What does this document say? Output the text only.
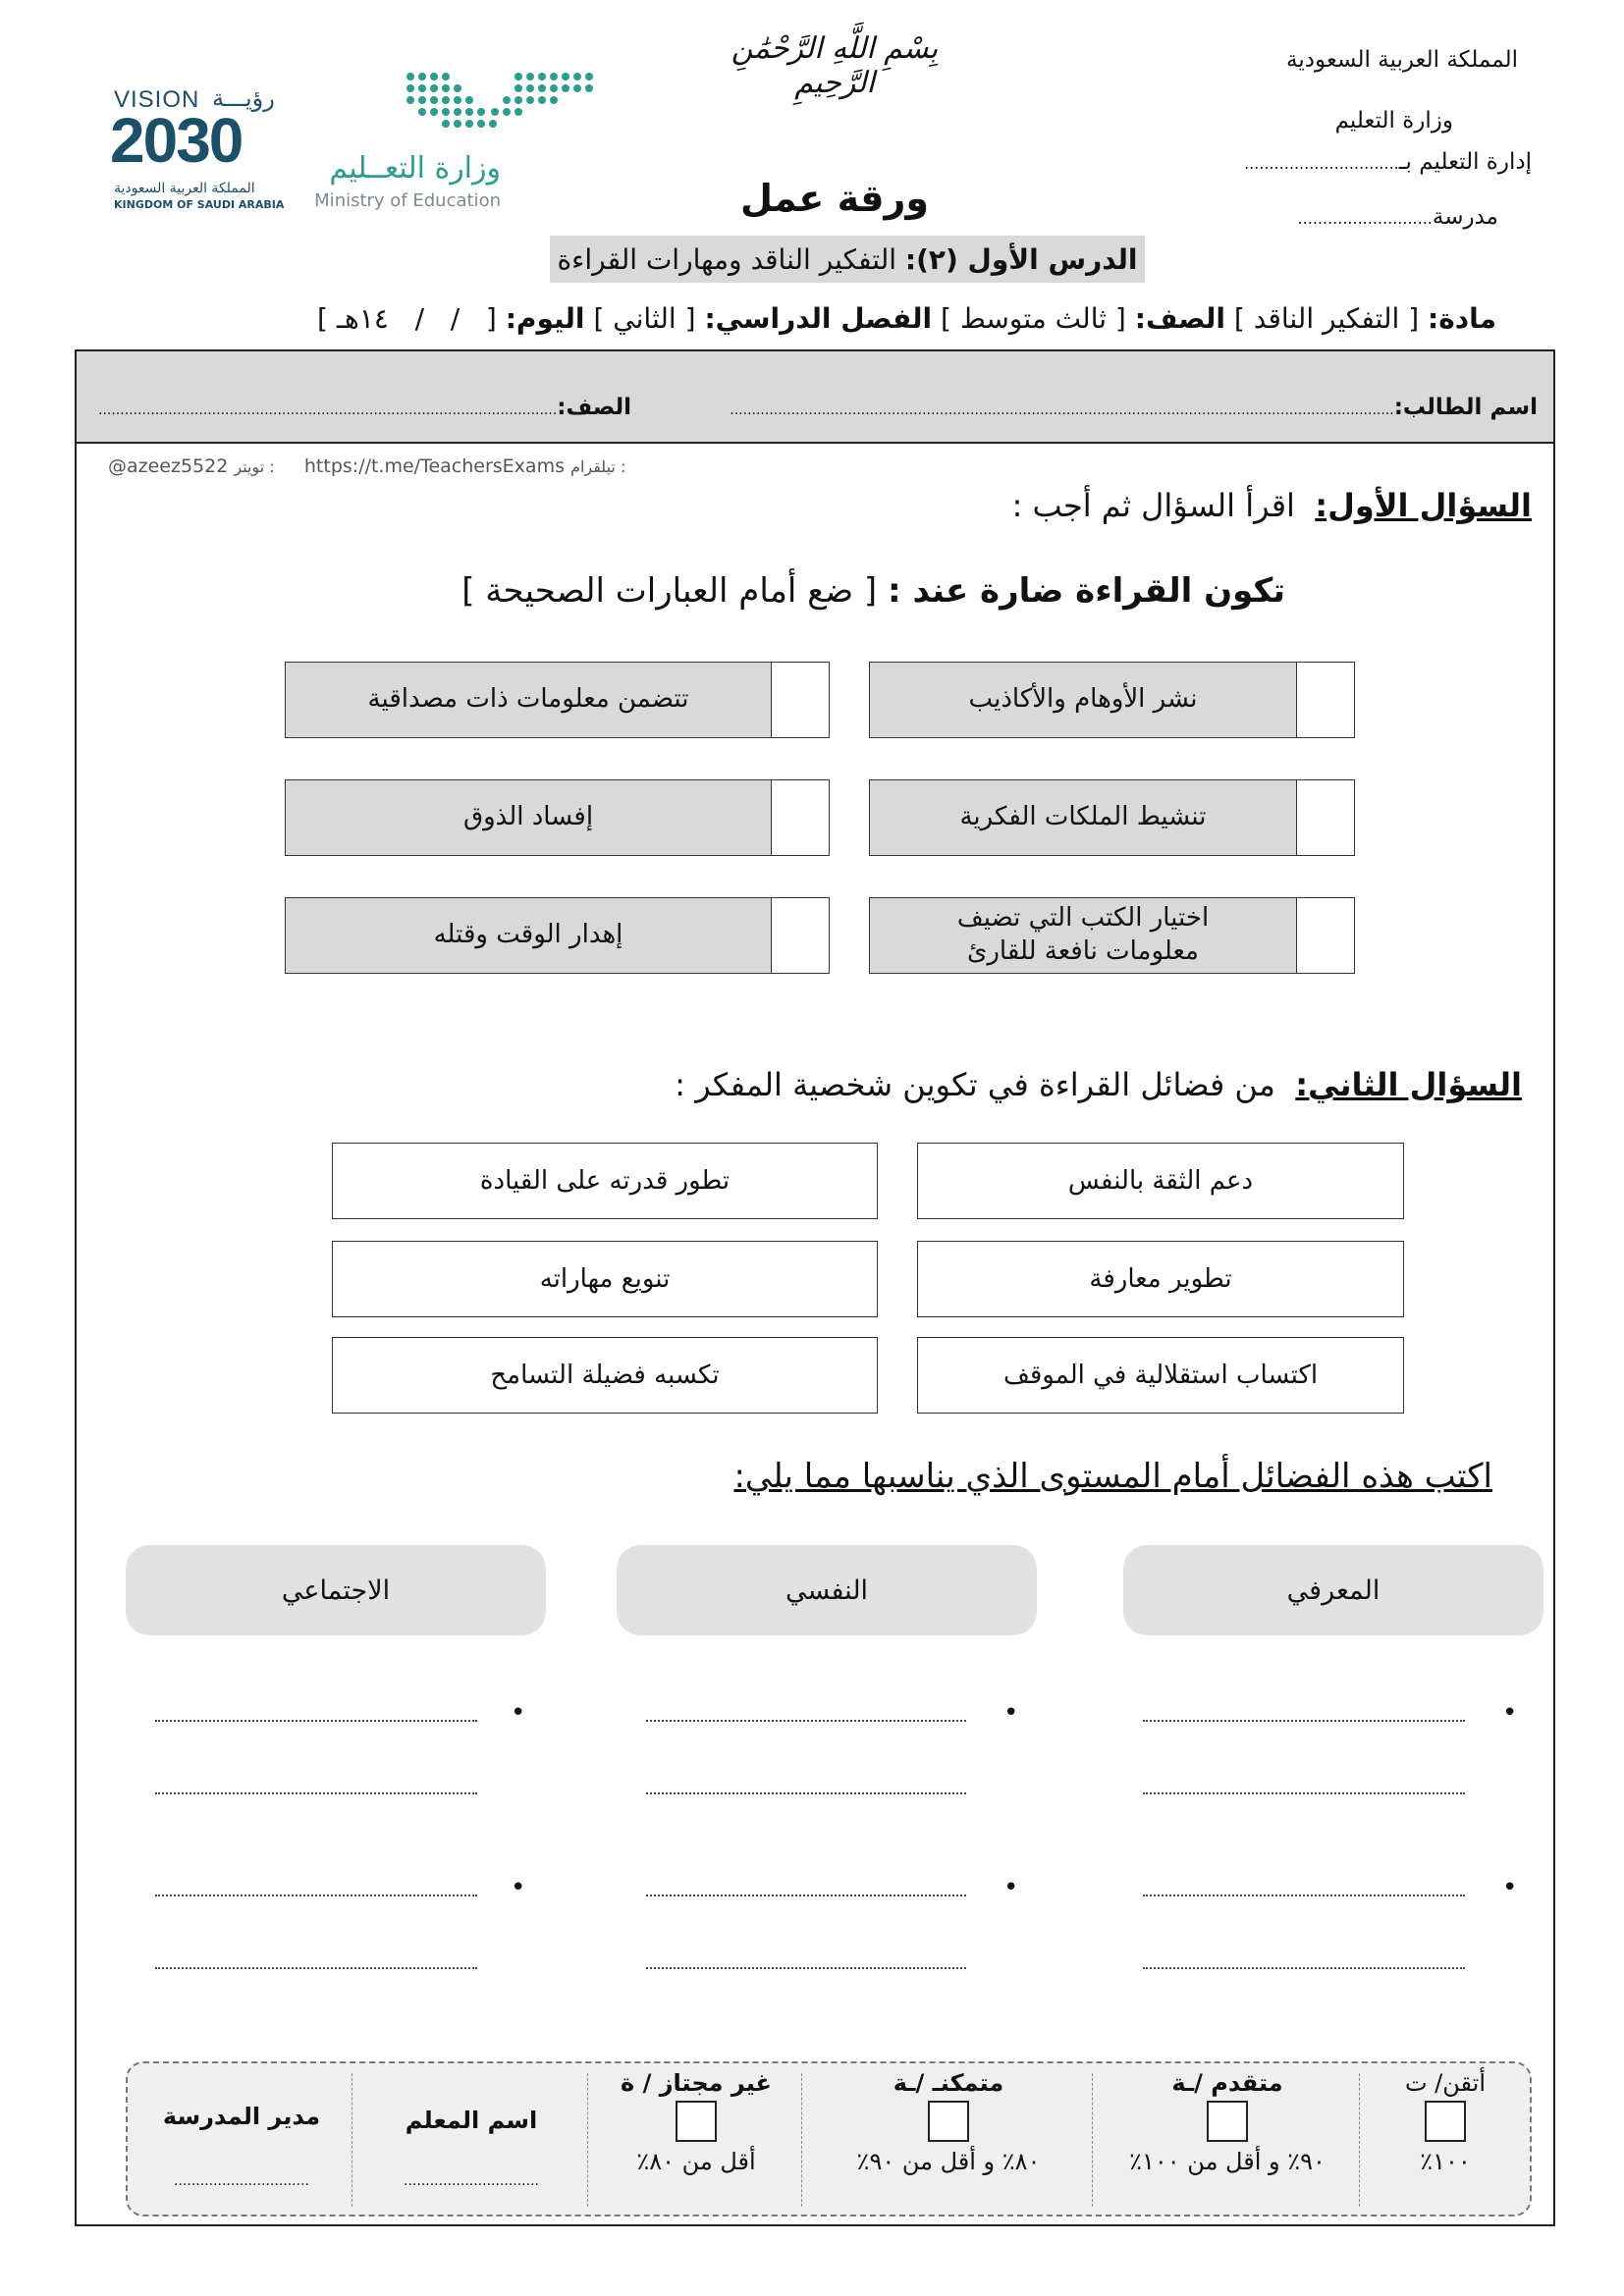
المملكة العربية السعودية
وزارة التعليم
إدارة التعليم بـ...............................
مدرسة...........................
بِسْمِ اللَّهِ الرَّحْمَٰنِ الرَّحِيمِ
VISION رؤيـــة
2030
المملكة العربية السعودية
KINGDOM OF SAUDI ARABIA
وزارة التعــليم
Ministry of Education	ورقة عمل
الدرس الأول (٢):

التفكير الناقد ومهارات القراءة
مادة: [ التفكير الناقد ] الصف: [ ثالث متوسط ] الفصل الدراسي: [ الثاني ] اليوم: [   /   /   ١٤هـ ]
اسم الطالب:........................................................................................................................................................
الصف:.........................................................................................................
@azeez5522 تويتر : https://t.me/TeachersExams تيلقرام :
السؤال الأول:  اقرأ السؤال ثم أجب :
تكون القراءة ضارة عند : [ ضع أمام العبارات الصحيحة ]
نشر الأوهام والأكاذيب
تتضمن معلومات ذات مصداقية
تنشيط الملكات الفكرية
إفساد الذوق
اختيار الكتب التي تضيف معلومات نافعة للقارئ
إهدار الوقت وقتله
السؤال الثاني:  من فضائل القراءة في تكوين شخصية المفكر :
دعم الثقة بالنفس
تطور قدرته على القيادة
تطوير معارفة
تنويع مهاراته
اكتساب استقلالية في الموقف
تكسبه فضيلة التسامح
اكتب هذه الفضائل أمام المستوى الذي يناسبها مما يلي:
المعرفي
النفسي
الاجتماعي
•
•
•
•
•
•
أتقن/ ت
١٠٠٪
متقدم /ـة
٩٠٪ و أقل من ١٠٠٪
متمكنـ /ـة
٨٠٪ و أقل من ٩٠٪
غير مجتاز / ة
أقل من ٨٠٪
اسم المعلم
...............................
مدير المدرسة
...............................
